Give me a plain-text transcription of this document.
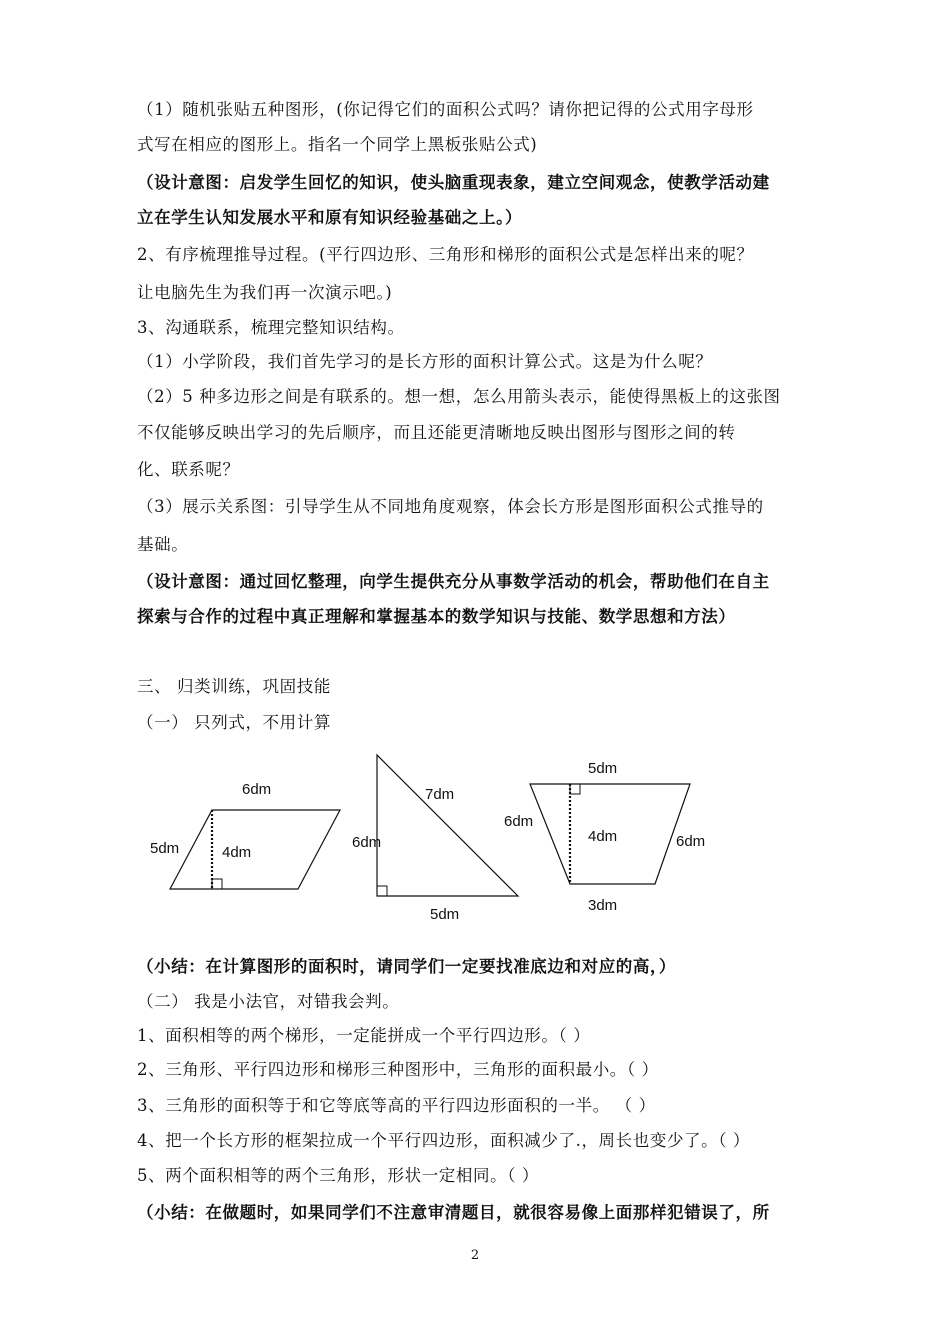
（1）随机张贴五种图形，(你记得它们的面积公式吗？请你把记得的公式用字母形
式写在相应的图形上。指名一个同学上黑板张贴公式)
（设计意图：启发学生回忆的知识，使头脑重现表象，建立空间观念，使教学活动建
立在学生认知发展水平和原有知识经验基础之上。）
2、有序梳理推导过程。(平行四边形、三角形和梯形的面积公式是怎样出来的呢？
让电脑先生为我们再一次演示吧。)
3、沟通联系，梳理完整知识结构。
（1）小学阶段，我们首先学习的是长方形的面积计算公式。这是为什么呢？
（2）5 种多边形之间是有联系的。想一想，怎么用箭头表示，能使得黑板上的这张图
不仅能够反映出学习的先后顺序，而且还能更清晰地反映出图形与图形之间的转
化、联系呢？
（3）展示关系图：引导学生从不同地角度观察，体会长方形是图形面积公式推导的
基础。
（设计意图：通过回忆整理，向学生提供充分从事数学活动的机会，帮助他们在自主
探索与合作的过程中真正理解和掌握基本的数学知识与技能、数学思想和方法）
三、 归类训练，巩固技能
（一） 只列式，不用计算
6dm
5dm	4dm
7dm
6dm
5dm
5dm
6dm
4dm	6dm
3dm
（小结：在计算图形的面积时，请同学们一定要找准底边和对应的高，）
（二） 我是小法官，对错我会判。
1、面积相等的两个梯形，一定能拼成一个平行四边形。（ ）
2、三角形、平行四边形和梯形三种图形中，三角形的面积最小。（ ）
3、三角形的面积等于和它等底等高的平行四边形面积的一半。 （ ）
4、把一个长方形的框架拉成一个平行四边形，面积减少了.，周长也变少了。（ ）
5、两个面积相等的两个三角形，形状一定相同。（ ）
（小结：在做题时，如果同学们不注意审清题目，就很容易像上面那样犯错误了，所
2
